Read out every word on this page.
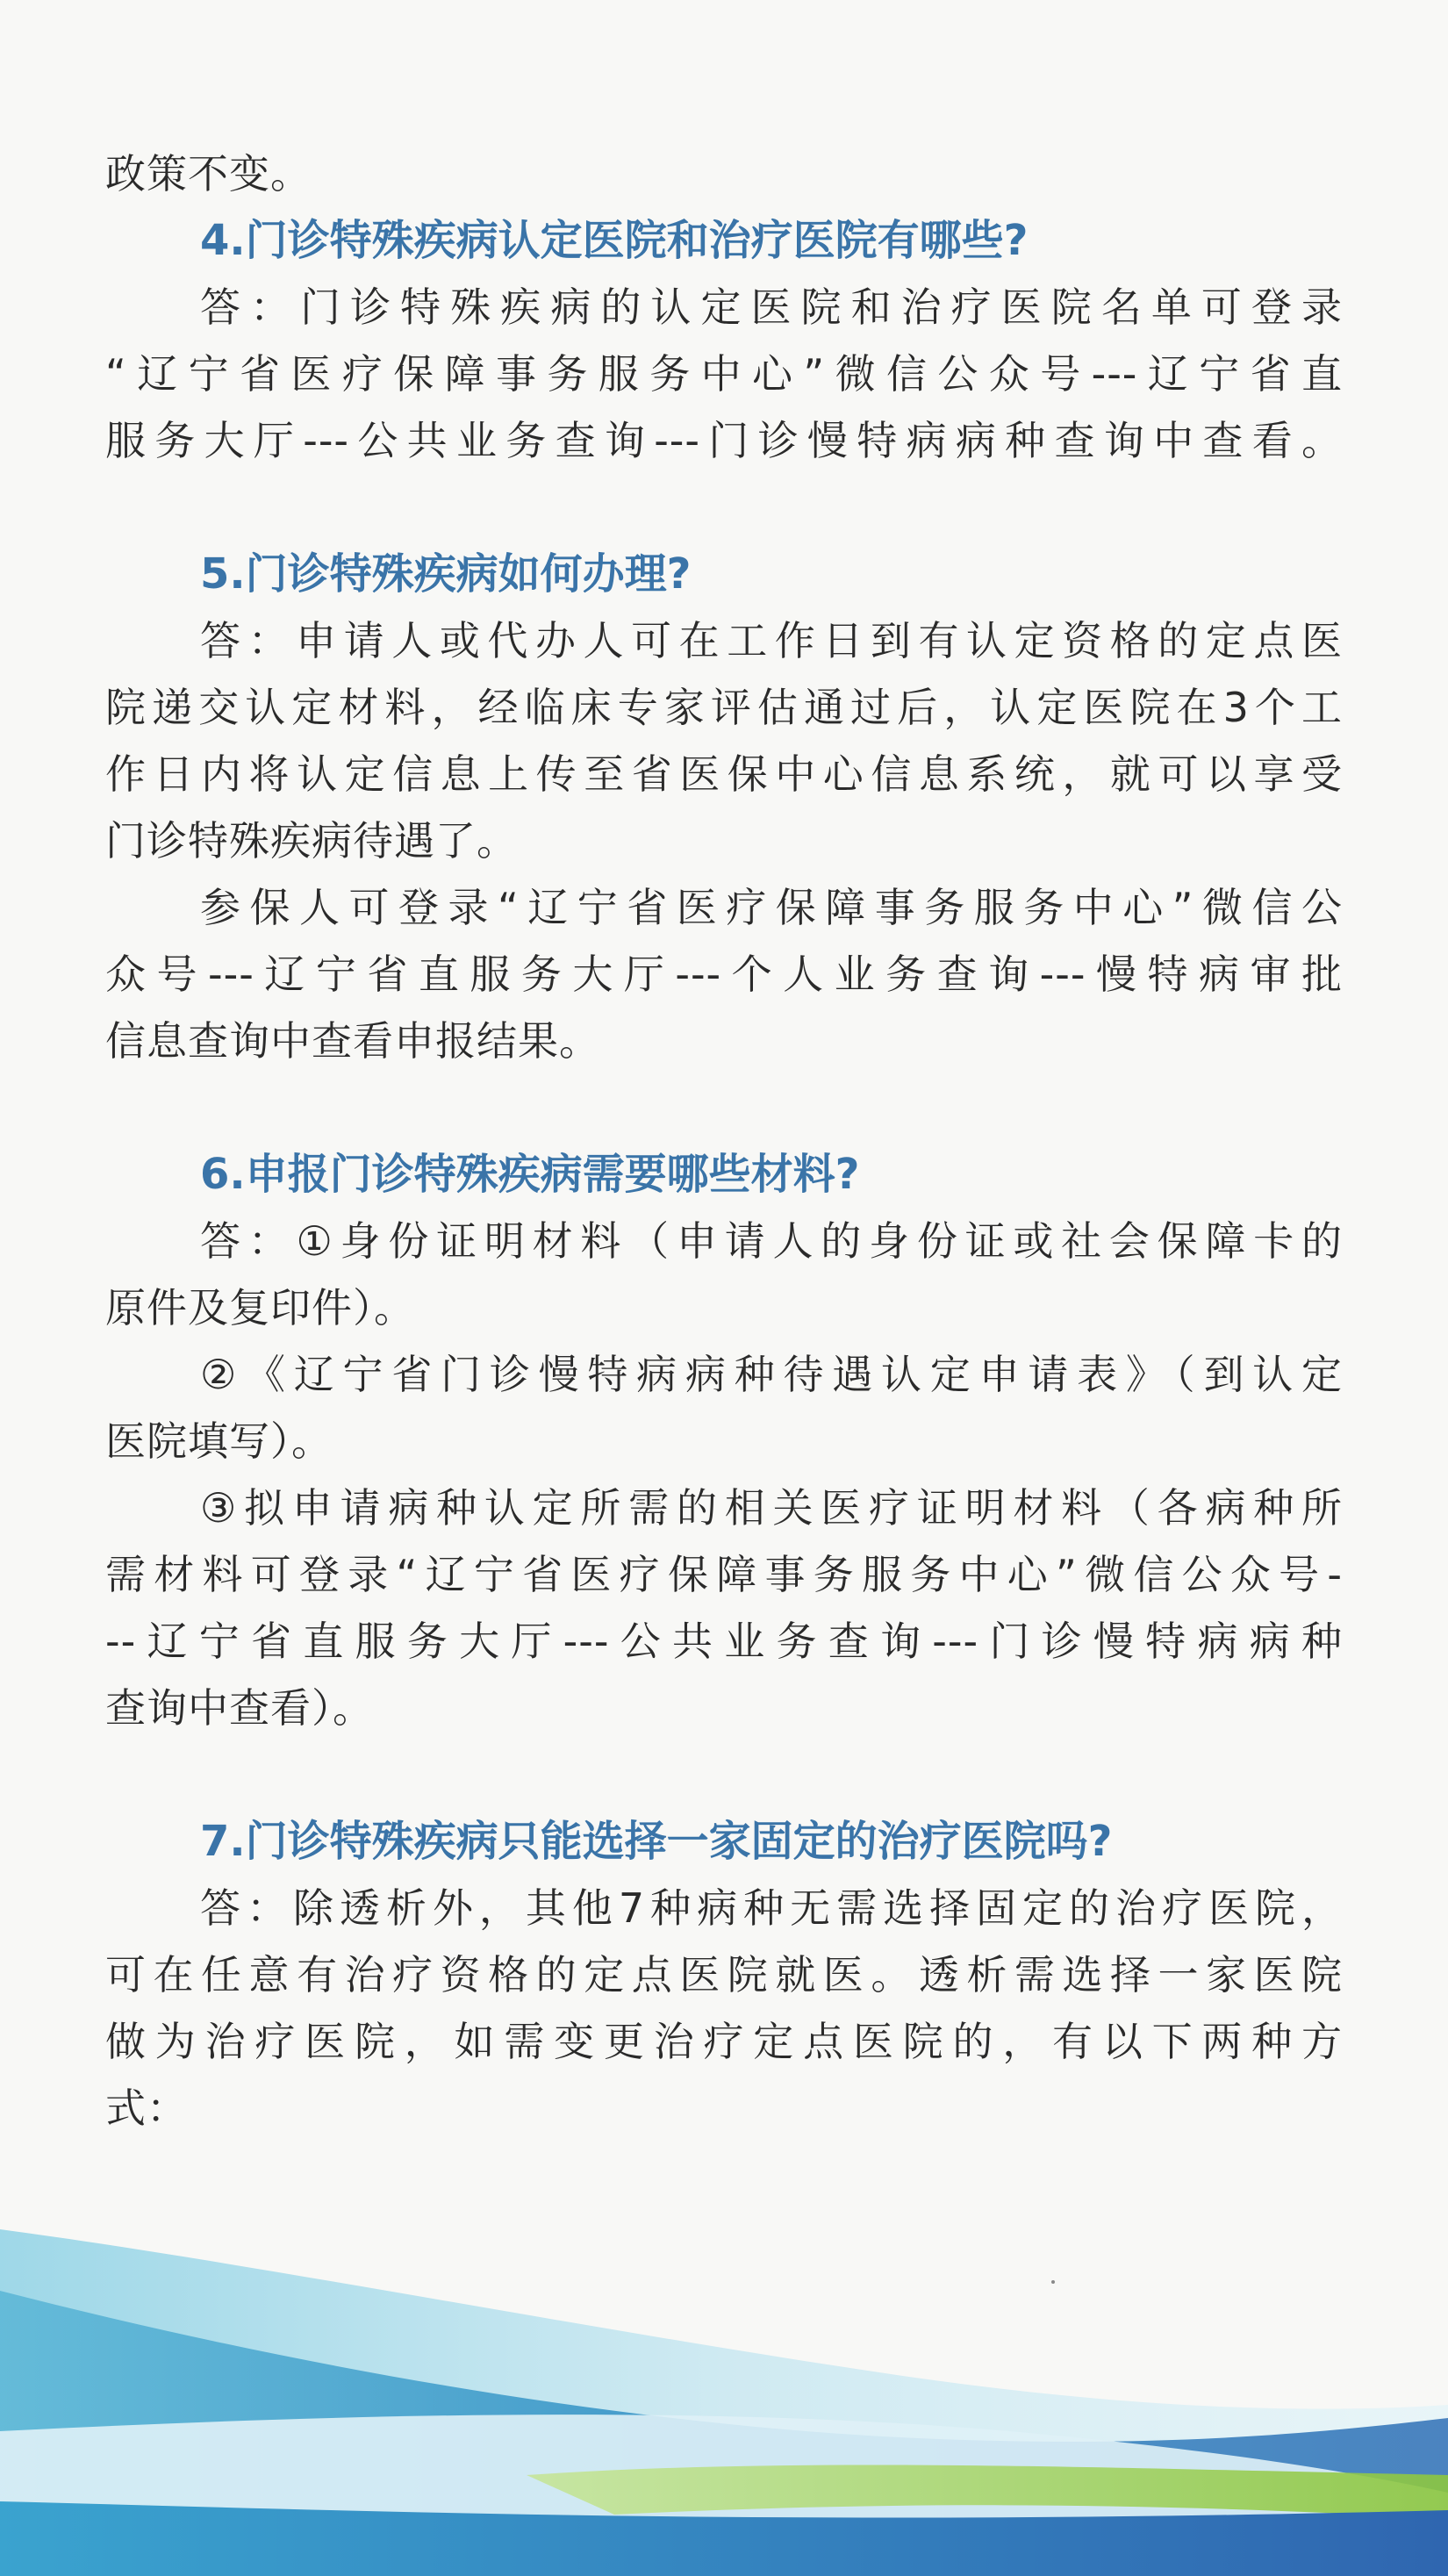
政策不变。

4.门诊特殊疾病认定医院和治疗医院有哪些?

答：门诊特殊疾病的认定医院和治疗医院名单可登录

“辽宁省医疗保障事务服务中心”微信公众号---辽宁省直

服务大厅---公共业务查询---门诊慢特病病种查询中查看。

5.门诊特殊疾病如何办理?

答：申请人或代办人可在工作日到有认定资格的定点医

院递交认定材料，经临床专家评估通过后，认定医院在3个工

作日内将认定信息上传至省医保中心信息系统，就可以享受

门诊特殊疾病待遇了。

参保人可登录“辽宁省医疗保障事务服务中心”微信公

众号---辽宁省直服务大厅---个人业务查询---慢特病审批

信息查询中查看申报结果。

6.申报门诊特殊疾病需要哪些材料?

答：①身份证明材料（申请人的身份证或社会保障卡的

原件及复印件）。

②《辽宁省门诊慢特病病种待遇认定申请表》（到认定

医院填写）。

③拟申请病种认定所需的相关医疗证明材料（各病种所

需材料可登录“辽宁省医疗保障事务服务中心”微信公众号-

--辽宁省直服务大厅---公共业务查询---门诊慢特病病种

查询中查看）。

7.门诊特殊疾病只能选择一家固定的治疗医院吗?

答：除透析外，其他7种病种无需选择固定的治疗医院，

可在任意有治疗资格的定点医院就医。透析需选择一家医院

做为治疗医院，如需变更治疗定点医院的，有以下两种方

式：
